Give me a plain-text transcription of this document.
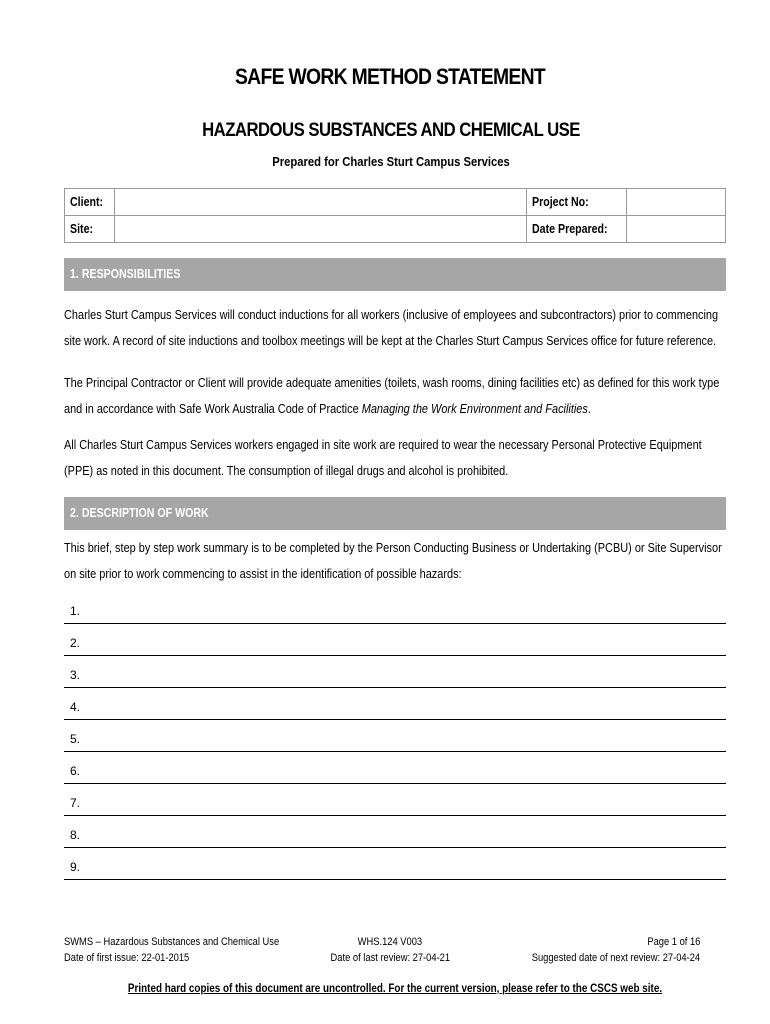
SAFE WORK METHOD STATEMENT
HAZARDOUS SUBSTANCES AND CHEMICAL USE
Prepared for Charles Sturt Campus Services
Client:		Project No:	
Site:		Date Prepared:	
1. RESPONSIBILITIES
Charles Sturt Campus Services will conduct inductions for all workers (inclusive of employees and subcontractors) prior to commencing site work. A record of site inductions and toolbox meetings will be kept at the Charles Sturt Campus Services office for future reference.
The Principal Contractor or Client will provide adequate amenities (toilets, wash rooms, dining facilities etc) as defined for this work type and in accordance with Safe Work Australia Code of Practice Managing the Work Environment and Facilities.
All Charles Sturt Campus Services workers engaged in site work are required to wear the necessary Personal Protective Equipment (PPE) as noted in this document. The consumption of illegal drugs and alcohol is prohibited.
2. DESCRIPTION OF WORK
This brief, step by step work summary is to be completed by the Person Conducting Business or Undertaking (PCBU) or Site Supervisor on site prior to work commencing to assist in the identification of possible hazards:
1.
2.
3.
4.
5.
6.
7.
8.
9.
SWMS – Hazardous Substances and Chemical Use
Date of first issue: 22-01-2015
WHS.124 V003
Date of last review: 27-04-21
Page 1 of 16
Suggested date of next review: 27-04-24
Printed hard copies of this document are uncontrolled. For the current version, please refer to the CSCS web site.
